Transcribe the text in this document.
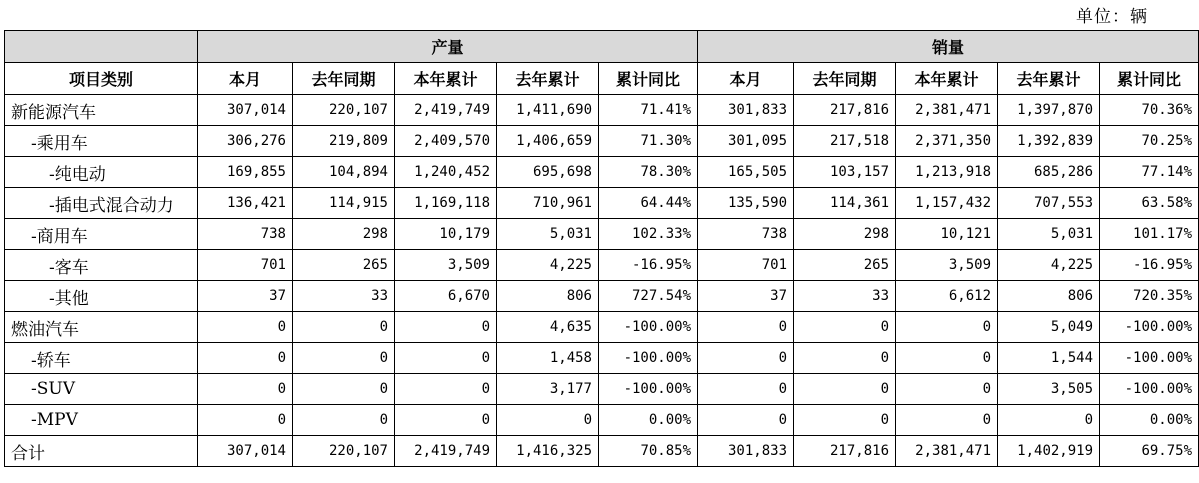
单位：辆
	产量					销量				
项目类别	本月	去年同期	本年累计	去年累计	累计同比	本月	去年同期	本年累计	去年累计	累计同比
新能源汽车	307,014	220,107	2,419,749	1,411,690	71.41%	301,833	217,816	2,381,471	1,397,870	70.36%
-乘用车	306,276	219,809	2,409,570	1,406,659	71.30%	301,095	217,518	2,371,350	1,392,839	70.25%
-纯电动	169,855	104,894	1,240,452	695,698	78.30%	165,505	103,157	1,213,918	685,286	77.14%
-插电式混合动力	136,421	114,915	1,169,118	710,961	64.44%	135,590	114,361	1,157,432	707,553	63.58%
-商用车	738	298	10,179	5,031	102.33%	738	298	10,121	5,031	101.17%
-客车	701	265	3,509	4,225	-16.95%	701	265	3,509	4,225	-16.95%
-其他	37	33	6,670	806	727.54%	37	33	6,612	806	720.35%
燃油汽车	0	0	0	4,635	-100.00%	0	0	0	5,049	-100.00%
-轿车	0	0	0	1,458	-100.00%	0	0	0	1,544	-100.00%
-SUV	0	0	0	3,177	-100.00%	0	0	0	3,505	-100.00%
-MPV	0	0	0	0	0.00%	0	0	0	0	0.00%
合计	307,014	220,107	2,419,749	1,416,325	70.85%	301,833	217,816	2,381,471	1,402,919	69.75%
